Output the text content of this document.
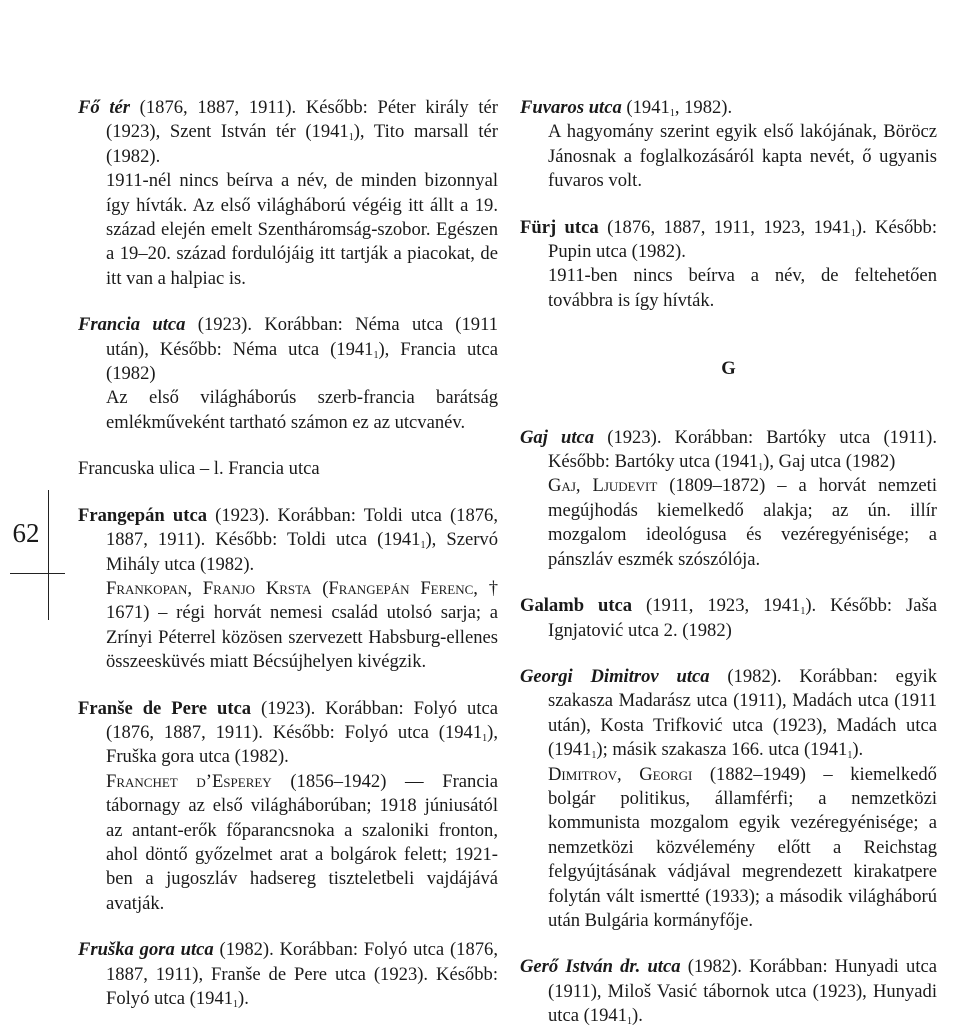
62

Fő tér (1876, 1887, 1911). Később: Péter király tér (1923), Szent István tér $(1941_1)$, Tito marsall tér (1982).

1911-nél nincs beírva a név, de minden bizonnyal így hívták. Az első világháború végéig itt állt a 19. század elején emelt Szentháromság-szobor. Egészen a 19–20. század fordulójáig itt tartják a piacokat, de itt van a halpiac is.

Francia utca (1923). Korábban: Néma utca (1911 után), Később: Néma utca $(1941_1)$, Francia utca (1982)

Az első világháborús szerb-francia barátság emlékműveként tartható számon ez az utcvanév.

Francuska ulica – l. Francia utca

Frangepán utca (1923). Korábban: Toldi utca (1876, 1887, 1911). Később: Toldi utca $(1941_1)$, Szervó Mihály utca (1982).

Frankopan, Franjo Krsta (Frangepán Ferenc, † 1671) – régi horvát nemesi család utolsó sarja; a Zrínyi Péterrel közösen szervezett Habsburg-ellenes összeesküvés miatt Bécsújhelyen kivégzik.

Franše de Pere utca (1923). Korábban: Folyó utca (1876, 1887, 1911). Később: Folyó utca $(1941_1)$, Fruška gora utca (1982).

Franchet d’Esperey (1856–1942) — Francia tábornagy az első világháborúban; 1918 júniusától az antant-erők főparancsnoka a szaloniki fronton, ahol döntő győzelmet arat a bolgárok felett; 1921-ben a jugoszláv hadsereg tiszteletbeli vajdájává avatják.

Fruška gora utca (1982). Korábban: Folyó utca (1876, 1887, 1911), Franše de Pere utca (1923). Később: Folyó utca $(1941_1)$.

Fuvaros utca ($1941_1$, 1982).

A hagyomány szerint egyik első lakójának, Böröcz Jánosnak a foglalkozásáról kapta nevét, ő ugyanis fuvaros volt.

Fürj utca (1876, 1887, 1911, 1923, $1941_1$). Később: Pupin utca (1982).

1911-ben nincs beírva a név, de feltehetően továbbra is így hívták.

G

Gaj utca (1923). Korábban: Bartóky utca (1911). Később: Bartóky utca $(1941_1)$, Gaj utca (1982)

Gaj, Ljudevit (1809–1872) – a horvát nemzeti megújhodás kiemelkedő alakja; az ún. illír mozgalom ideológusa és vezéregyénisége; a pánszláv eszmék szószólója.

Galamb utca (1911, 1923, $1941_1$). Később: Jaša Ignjatović utca 2. (1982)

Georgi Dimitrov utca (1982). Korábban: egyik szakasza Madarász utca (1911), Madách utca (1911 után), Kosta Trifković utca (1923), Madách utca $(1941_1)$; másik szakasza 166. utca $(1941_1)$.

Dimitrov, Georgi (1882–1949) – kiemelkedő bolgár politikus, államférfi; a nemzetközi kommunista mozgalom egyik vezéregyénisége; a nemzetközi közvélemény előtt a Reichstag felgyújtásának vádjával megrendezett kirakatpere folytán vált ismertté (1933); a második világháború után Bulgária kormányfője.

Gerő István dr. utca (1982). Korábban: Hunyadi utca (1911), Miloš Vasić tábornok utca (1923), Hunyadi utca $(1941_1)$.
